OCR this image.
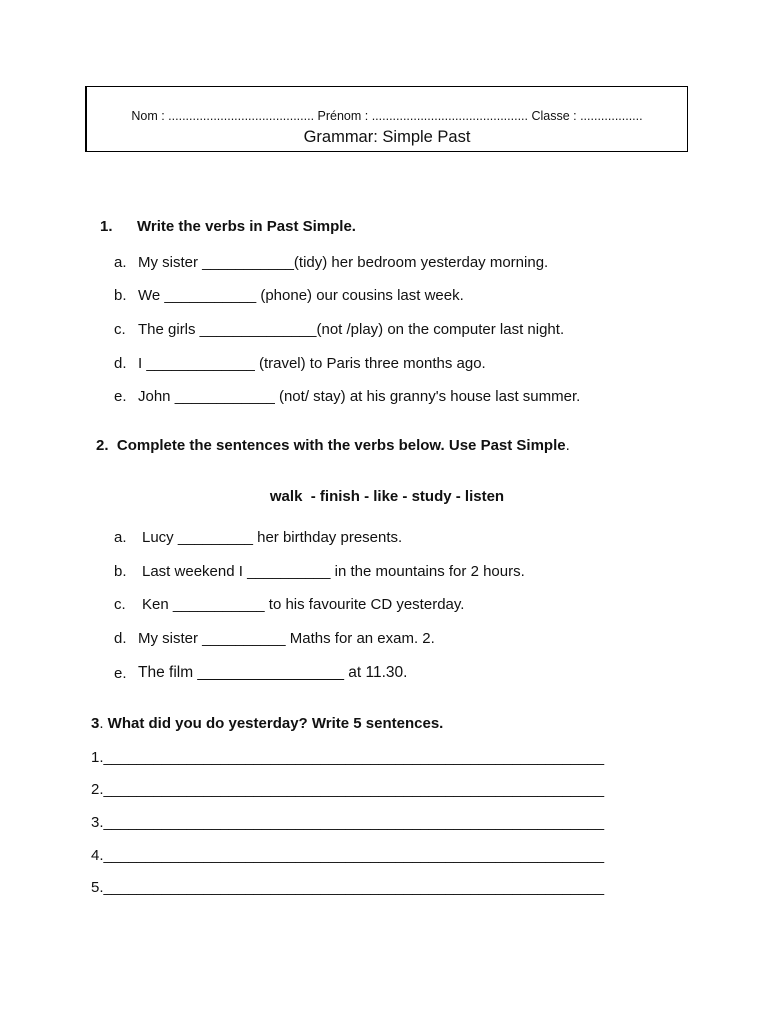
Nom : .......................................... Prénom : ............................................. Classe : ..................
Grammar: Simple Past
1. Write the verbs in Past Simple.
a. My sister ___________(tidy) her bedroom yesterday morning.
b. We ___________ (phone) our cousins last week.
c. The girls ______________(not /play) on the computer last night.
d. I _____________ (travel) to Paris three months ago.
e. John ____________ (not/ stay) at his granny's house last summer.
2. Complete the sentences with the verbs below. Use Past Simple.
walk  - finish - like - study - listen
a. Lucy _________ her birthday presents.
b. Last weekend I __________ in the mountains for 2 hours.
c. Ken ___________ to his favourite CD yesterday.
d. My sister __________ Maths for an exam. 2.
e. The film _________________ at 11.30.
3. What did you do yesterday? Write 5 sentences.
1.____________________________________________________________
2.____________________________________________________________
3.____________________________________________________________
4.____________________________________________________________
5.____________________________________________________________
